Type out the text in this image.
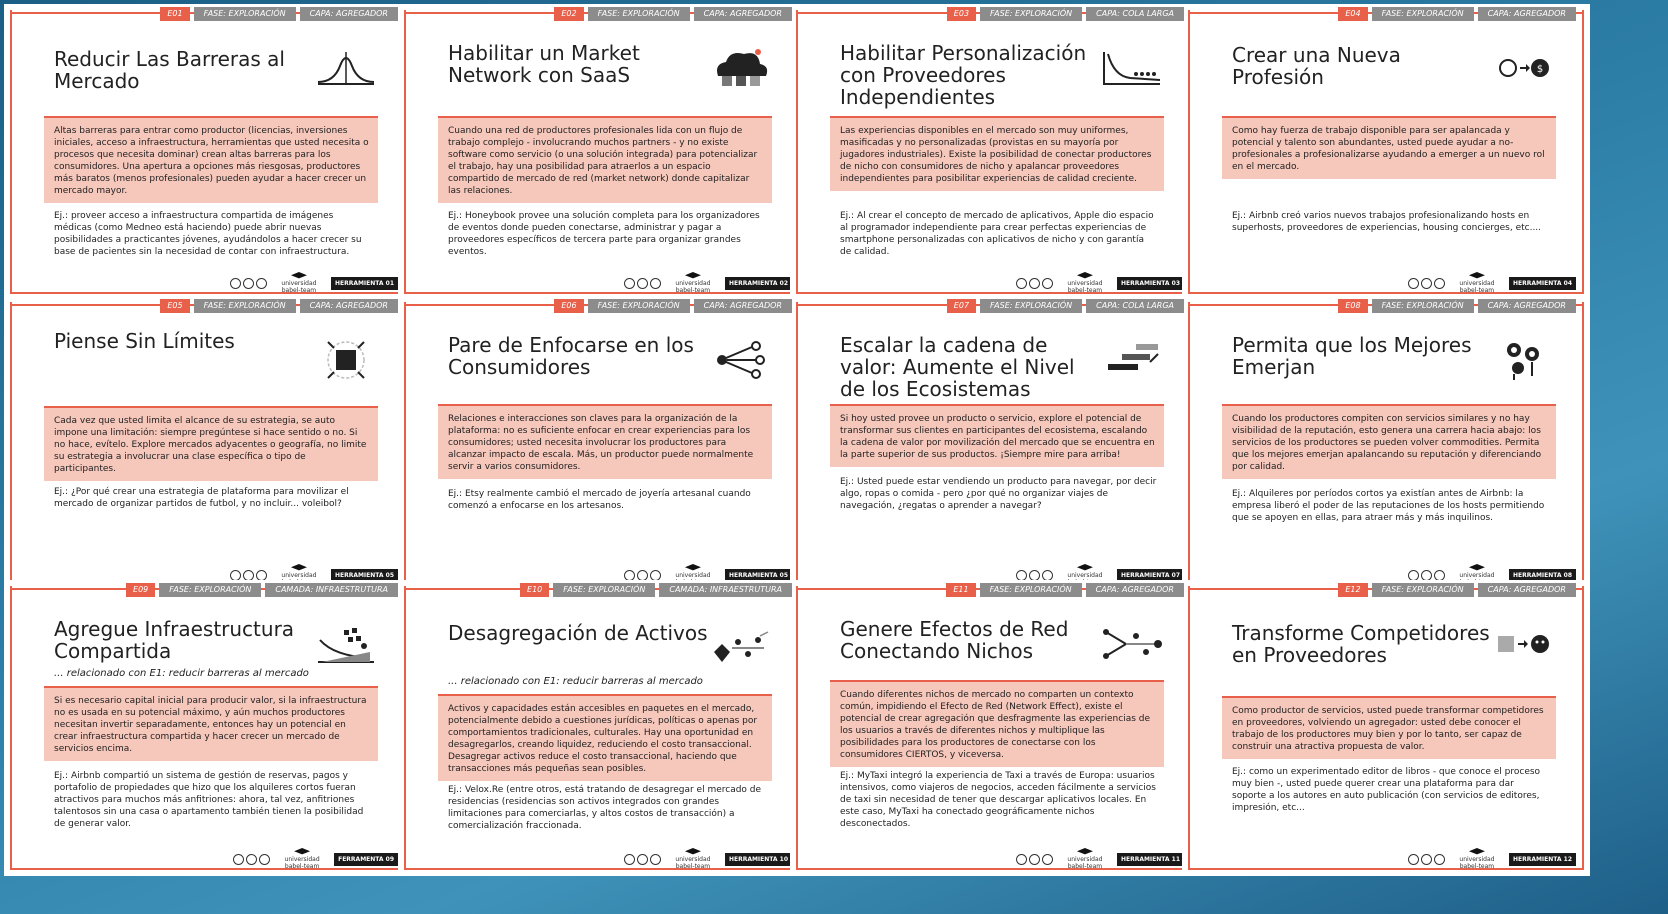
E01	FASE: EXPLORACIÓN	CAPA: AGREGADOR
Reducir Las Barreras al Mercado
Altas barreras para entrar como productor (licencias, inversiones iniciales, acceso a infraestructura, herramientas que usted necesita o procesos que necesita dominar) crean altas barreras para los consumidores. Una apertura a opciones más riesgosas, productores más baratos (menos profesionales) pueden ayudar a hacer crecer un mercado mayor.
Ej.: proveer acceso a infraestructura compartida de imágenes médicas (como Medneo está haciendo) puede abrir nuevas posibilidades a practicantes jóvenes, ayudándolos a hacer crecer su base de pacientes sin la necesidad de contar con infraestructura.
universidad
babel-team
HERRAMIENTA 01
E02	FASE: EXPLORACIÓN	CAPA: AGREGADOR
Habilitar un Market Network con SaaS
Cuando una red de productores profesionales lida con un flujo de trabajo complejo - involucrando muchos partners - y no existe software como servicio (o una solución integrada) para potencializar el trabajo, hay una posibilidad para atraerlos a un espacio compartido de mercado de red (market network) donde capitalizar las relaciones.
Ej.: Honeybook provee una solución completa para los organizadores de eventos donde pueden conectarse, administrar y pagar a proveedores específicos de tercera parte para organizar grandes eventos.
universidad
babel-team
HERRAMIENTA 02
E03	FASE: EXPLORACIÓN	CAPA: COLA LARGA
Habilitar Personalización con Proveedores Independientes
Las experiencias disponibles en el mercado son muy uniformes, masificadas y no personalizadas (provistas en su mayoría por jugadores industriales). Existe la posibilidad de conectar productores de nicho con consumidores de nicho y apalancar proveedores independientes para posibilitar experiencias de calidad creciente.
Ej.: Al crear el concepto de mercado de aplicativos, Apple dio espacio al programador independiente para crear perfectas experiencias de smartphone personalizadas con aplicativos de nicho y con garantía de calidad.
universidad
babel-team
HERRAMIENTA 03
E04	FASE: EXPLORACIÓN	CAPA: AGREGADOR
Crear una Nueva Profesión	$
Como hay fuerza de trabajo disponible para ser apalancada y potencial y talento son abundantes, usted puede ayudar a no-profesionales a profesionalizarse ayudando a emerger a un nuevo rol en el mercado.
Ej.: Airbnb creó varios nuevos trabajos profesionalizando hosts en superhosts, proveedores de experiencias, housing concierges, etc....
universidad
babel-team
HERRAMIENTA 04
E05	FASE: EXPLORACIÓN	CAPA: AGREGADOR
Piense Sin Límites
Cada vez que usted limita el alcance de su estrategia, se auto impone una limitación: siempre pregúntese si hace sentido o no. Si no hace, evítelo. Explore mercados adyacentes o geografía, no limite su estrategia a involucrar una clase específica o tipo de participantes.
Ej.: ¿Por qué crear una estrategia de plataforma para movilizar el mercado de organizar partidos de futbol, y no incluir... voleibol?
universidad	HERRAMIENTA 05
E06	FASE: EXPLORACIÓN	CAPA: AGREGADOR
Pare de Enfocarse en los Consumidores
Relaciones e interacciones son claves para la organización de la plataforma: no es suficiente enfocar en crear experiencias para los consumidores; usted necesita involucrar los productores para alcanzar impacto de escala. Más, un productor puede normalmente servir a varios consumidores.
Ej.: Etsy realmente cambió el mercado de joyería artesanal cuando comenzó a enfocarse en los artesanos.
universidad	HERRAMIENTA 05
E07	FASE: EXPLORACIÓN	CAPA: COLA LARGA
Escalar la cadena de valor: Aumente el Nivel de los Ecosistemas
Si hoy usted provee un producto o servicio, explore el potencial de transformar sus clientes en participantes del ecosistema, escalando la cadena de valor por movilización del mercado que se encuentra en la parte superior de sus productos. ¡Siempre mire para arriba!
Ej.: Usted puede estar vendiendo un producto para navegar, por decir algo, ropas o comida - pero ¿por qué no organizar viajes de navegación, ¿regatas o aprender a navegar?
universidad	HERRAMIENTA 07
E08	FASE: EXPLORACIÓN	CAPA: AGREGADOR
Permita que los Mejores Emerjan
Cuando los productores compiten con servicios similares y no hay visibilidad de la reputación, esto genera una carrera hacia abajo: los servicios de los productores se pueden volver commodities. Permita que los mejores emerjan apalancando su reputación y diferenciando por calidad.
Ej.: Alquileres por períodos cortos ya existían antes de Airbnb: la empresa liberó el poder de las reputaciones de los hosts permitiendo que se apoyen en ellas, para atraer más y más inquilinos.
universidad	HERRAMIENTA 08
E09	FASE: EXPLORACIÓN	CAMADA: INFRAESTRUTURA
Agregue Infraestructura Compartida
... relacionado con E1: reducir barreras al mercado
Si es necesario capital inicial para producir valor, si la infraestructura no es usada en su potencial máximo, y aún muchos productores necesitan invertir separadamente, entonces hay un potencial en crear infraestructura compartida y hacer crecer un mercado de servicios encima.
Ej.: Airbnb compartió un sistema de gestión de reservas, pagos y portafolio de propiedades que hizo que los alquileres cortos fueran atractivos para muchos más anfitriones: ahora, tal vez, anfitriones talentosos sin una casa o apartamento también tienen la posibilidad de generar valor.
universidad
babel-team
FERRAMENTA 09
E10	FASE: EXPLORACIÓN	CAMADA: INFRAESTRUTURA
Desagregación de Activos
... relacionado con E1: reducir barreras al mercado
Activos y capacidades están accesibles en paquetes en el mercado, potencialmente debido a cuestiones jurídicas, políticas o apenas por comportamientos tradicionales, culturales. Hay una oportunidad en desagregarlos, creando liquidez, reduciendo el costo transaccional. Desagregar activos reduce el costo transaccional, haciendo que transacciones más pequeñas sean posibles.
Ej.: Velox.Re (entre otros, está tratando de desagregar el mercado de residencias (residencias son activos integrados con grandes limitaciones para comerciarlas, y altos costos de transacción) a comercialización fraccionada.
universidad
babel-team
HERRAMIENTA 10
E11	FASE: EXPLORACIÓN	CAPA: AGREGADOR
Genere Efectos de Red Conectando Nichos
Cuando diferentes nichos de mercado no comparten un contexto común, impidiendo el Efecto de Red (Network Effect), existe el potencial de crear agregación que desfragmente las experiencias de los usuarios a través de diferentes nichos y multiplique las posibilidades para los productores de conectarse con los consumidores CIERTOS, y viceversa.
Ej.: MyTaxi integró la experiencia de Taxi a través de Europa: usuarios intensivos, como viajeros de negocios, acceden fácilmente a servicios de taxi sin necesidad de tener que descargar aplicativos locales. En este caso, MyTaxi ha conectado geográficamente nichos desconectados.
universidad
babel-team
HERRAMIENTA 11
E12	FASE: EXPLORACIÓN	CAPA: AGREGADOR
Transforme Competidores en Proveedores
Como productor de servicios, usted puede transformar competidores en proveedores, volviendo un agregador: usted debe conocer el trabajo de los productores muy bien y por lo tanto, ser capaz de construir una atractiva propuesta de valor.
Ej.: como un experimentado editor de libros - que conoce el proceso muy bien -, usted puede querer crear una plataforma para dar soporte a los autores en auto publicación (con servicios de editores, impresión, etc...
universidad
babel-team
HERRAMIENTA 12
